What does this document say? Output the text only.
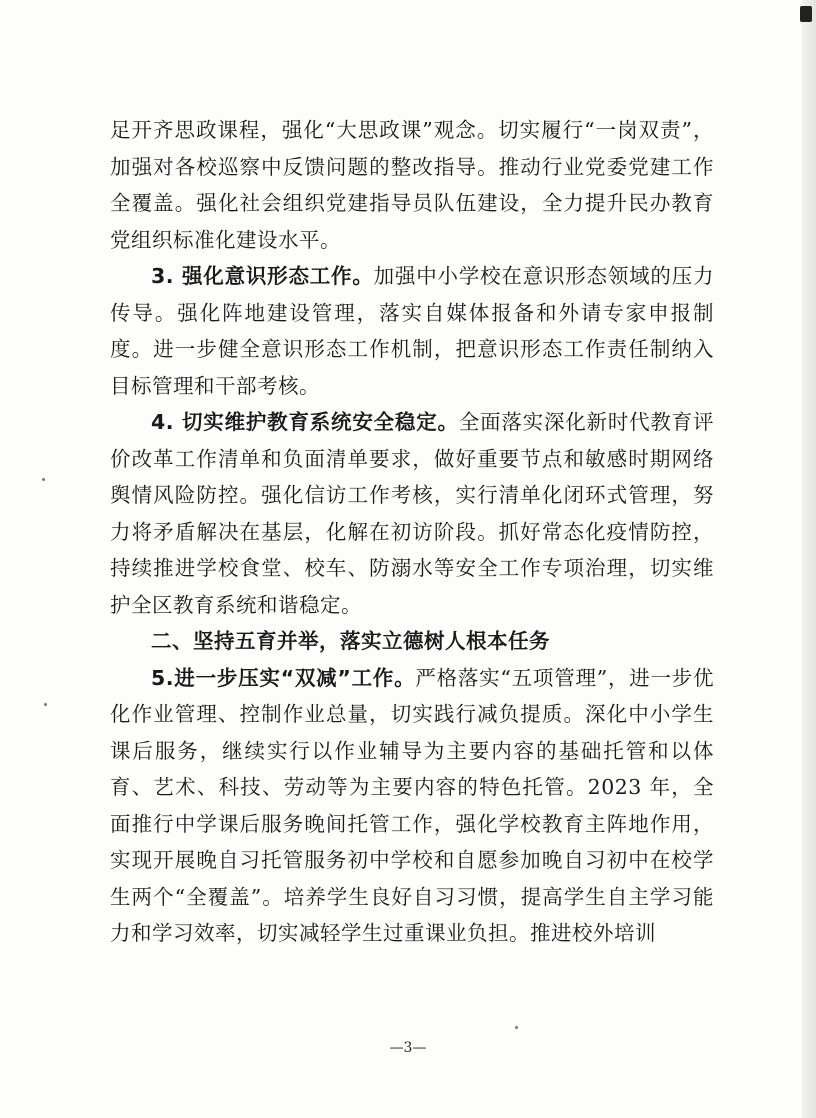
足开齐思政课程，强化“大思政课”观念。切实履行“一岗双责”，加强对各校巡察中反馈问题的整改指导。推动行业党委党建工作全覆盖。强化社会组织党建指导员队伍建设，全力提升民办教育党组织标准化建设水平。

3. 强化意识形态工作。加强中小学校在意识形态领域的压力传导。强化阵地建设管理，落实自媒体报备和外请专家申报制度。进一步健全意识形态工作机制，把意识形态工作责任制纳入目标管理和干部考核。

4. 切实维护教育系统安全稳定。全面落实深化新时代教育评价改革工作清单和负面清单要求，做好重要节点和敏感时期网络舆情风险防控。强化信访工作考核，实行清单化闭环式管理，努力将矛盾解决在基层，化解在初访阶段。抓好常态化疫情防控，持续推进学校食堂、校车、防溺水等安全工作专项治理，切实维护全区教育系统和谐稳定。

二、坚持五育并举，落实立德树人根本任务

5.进一步压实“双减”工作。严格落实“五项管理”，进一步优化作业管理、控制作业总量，切实践行减负提质。深化中小学生课后服务，继续实行以作业辅导为主要内容的基础托管和以体育、艺术、科技、劳动等为主要内容的特色托管。2023 年，全面推行中学课后服务晚间托管工作，强化学校教育主阵地作用，实现开展晚自习托管服务初中学校和自愿参加晚自习初中在校学生两个“全覆盖”。培养学生良好自习习惯，提高学生自主学习能力和学习效率，切实减轻学生过重课业负担。推进校外培训

—3—
